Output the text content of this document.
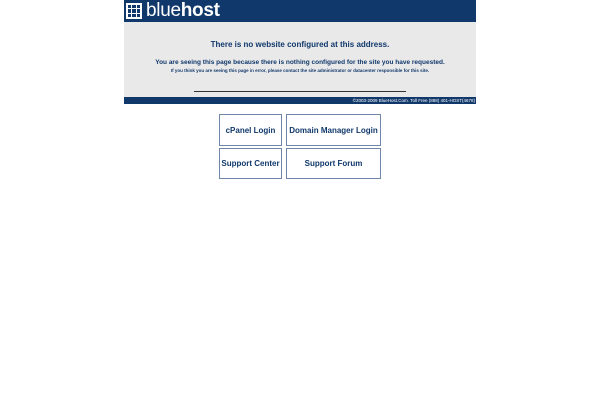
bluehost
There is no website configured at this address.
You are seeing this page because there is nothing configured for the site you have requested.
If you think you are seeing this page in error, please contact the site administrator or datacenter responsible for this site.
©2003-2009 BlueHost.Com. Toll Free (888) 401-HOST(4678)
cPanel Login	Domain Manager Login
Support Center	Support Forum
